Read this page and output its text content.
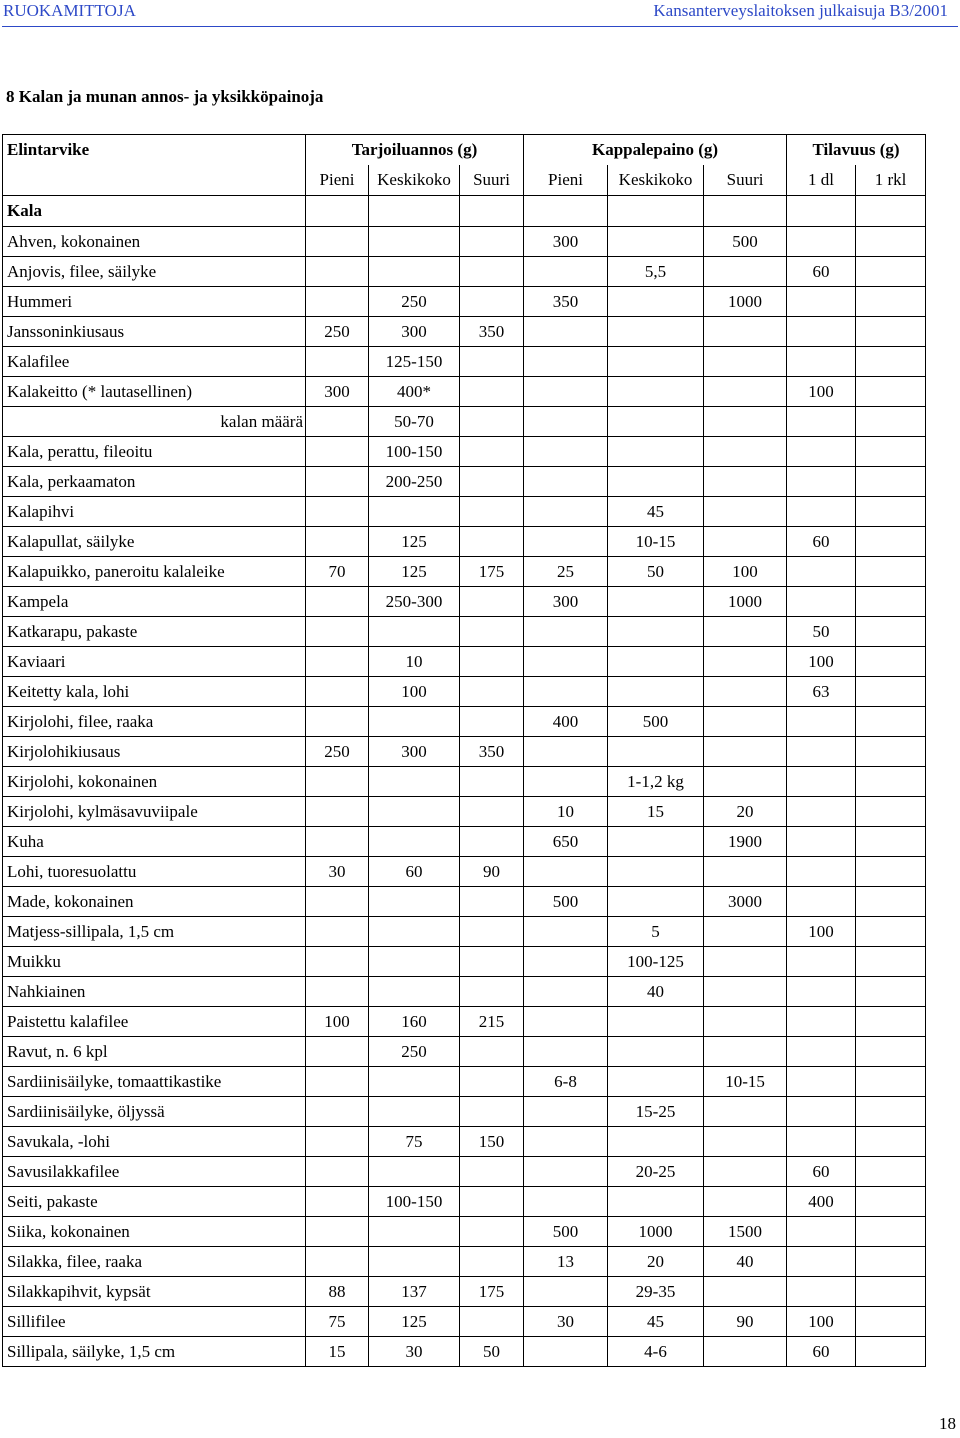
RUOKAMITTOJA	Kansanterveyslaitoksen julkaisuja B3/2001
8 Kalan ja munan annos- ja yksikköpainoja
Elintarvike	Tarjoiluannos (g)			Kappalepaino (g)			Tilavuus (g)	
	Pieni	Keskikoko	Suuri	Pieni	Keskikoko	Suuri	1 dl	1 rkl
Kala								
Ahven, kokonainen				300		500		
Anjovis, filee, säilyke					5,5		60	
Hummeri		250		350		1000		
Janssoninkiusaus	250	300	350					
Kalafilee		125-150						
Kalakeitto (* lautasellinen)	300	400*					100	
kalan määrä		50-70						
Kala, perattu, fileoitu		100-150						
Kala, perkaamaton		200-250						
Kalapihvi					45			
Kalapullat, säilyke		125			10-15		60	
Kalapuikko, paneroitu kalaleike	70	125	175	25	50	100		
Kampela		250-300		300		1000		
Katkarapu, pakaste							50	
Kaviaari		10					100	
Keitetty kala, lohi		100					63	
Kirjolohi, filee, raaka				400	500			
Kirjolohikiusaus	250	300	350					
Kirjolohi, kokonainen					1-1,2 kg			
Kirjolohi, kylmäsavuviipale				10	15	20		
Kuha				650		1900		
Lohi, tuoresuolattu	30	60	90					
Made, kokonainen				500		3000		
Matjess-sillipala, 1,5 cm					5		100	
Muikku					100-125			
Nahkiainen					40			
Paistettu kalafilee	100	160	215					
Ravut, n. 6 kpl		250						
Sardiinisäilyke, tomaattikastike				6-8		10-15		
Sardiinisäilyke, öljyssä					15-25			
Savukala, -lohi		75	150					
Savusilakkafilee					20-25		60	
Seiti, pakaste		100-150					400	
Siika, kokonainen				500	1000	1500		
Silakka, filee, raaka				13	20	40		
Silakkapihvit, kypsät	88	137	175		29-35			
Sillifilee	75	125		30	45	90	100	
Sillipala, säilyke, 1,5 cm	15	30	50		4-6		60	
18
